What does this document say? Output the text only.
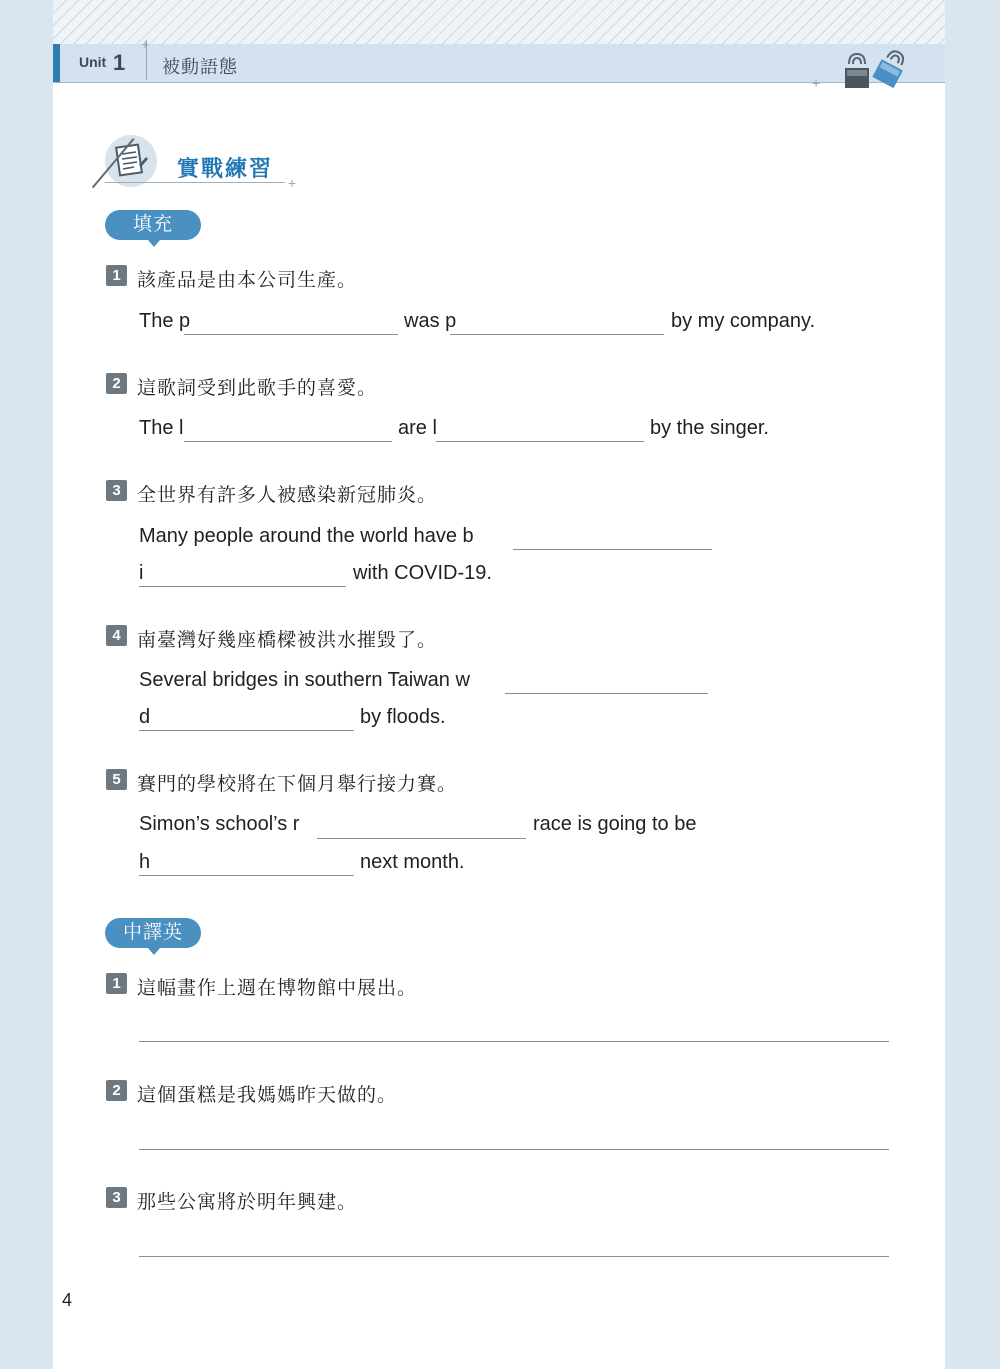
Unit 1
+
+
被動語態
+
實戰練習
填充
1 該產品是由本公司生產。
The p	was p	by my company.
2 這歌詞受到此歌手的喜愛。
The l	are l	by the singer.
3 全世界有許多人被感染新冠肺炎。
Many people around the world have b
i	with COVID-19.
4 南臺灣好幾座橋樑被洪水摧毀了。
Several bridges in southern Taiwan w
d	by floods.
5 賽門的學校將在下個月舉行接力賽。
Simon’s school’s r	race is going to be
h	next month.
中譯英
1 這幅畫作上週在博物館中展出。
2 這個蛋糕是我媽媽昨天做的。
3 那些公寓將於明年興建。
4
